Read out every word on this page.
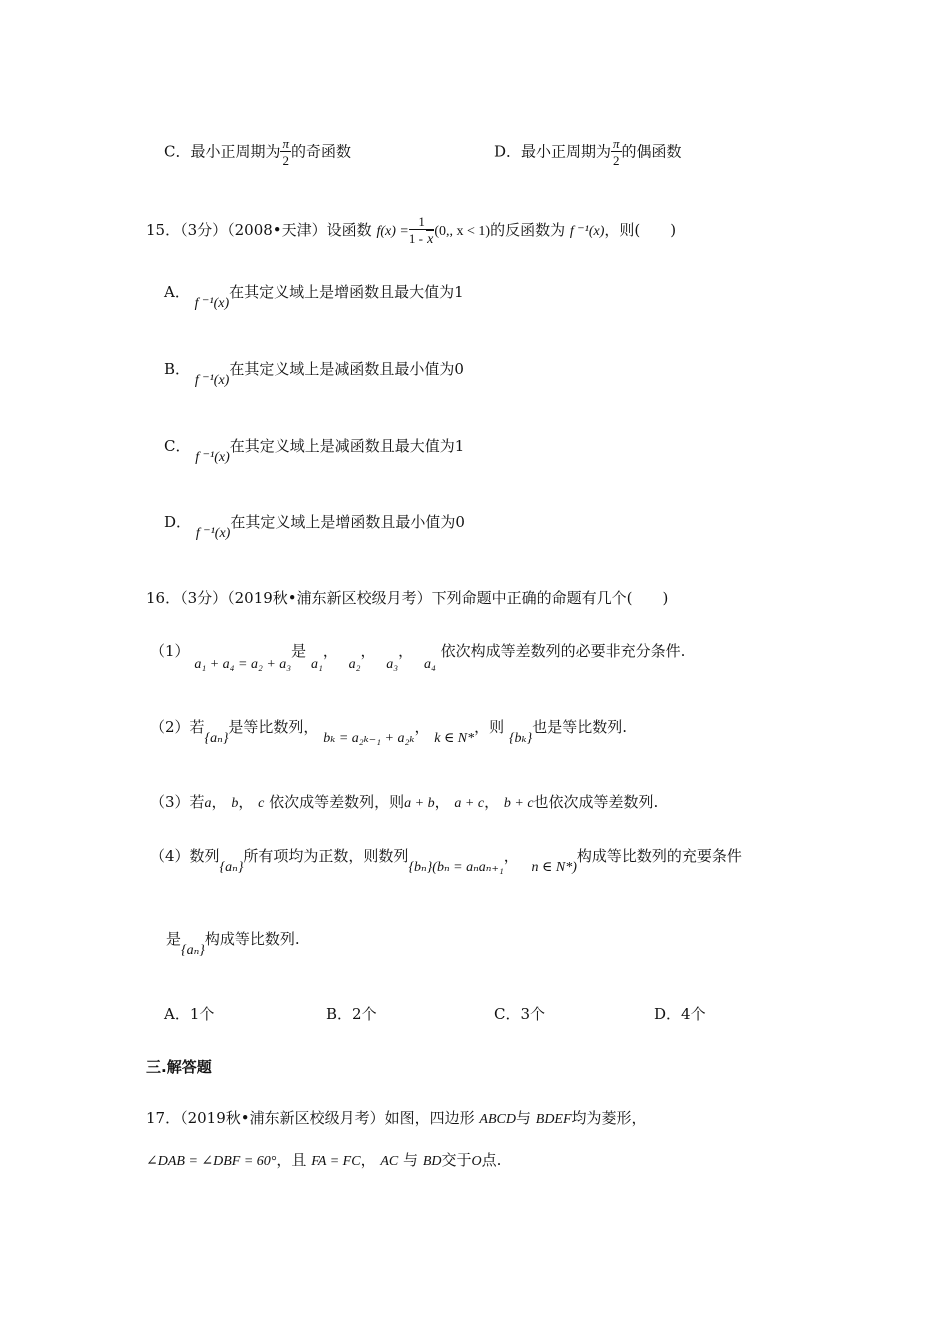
C．最小正周期为 $\frac{\pi}{2}$ 的奇函数	D．最小正周期为 $\frac{\pi}{2}$ 的偶函数
15．（3分）（2008•天津）设函数 $f(x) = \frac{1}{1 - x} (0$,, x < 1)的反函数为 f ⁻¹(x)，则(　　)
A． f ⁻¹(x)在其定义域上是增函数且最大值为1
B． f ⁻¹(x)在其定义域上是减函数且最小值为0
C． f ⁻¹(x)在其定义域上是减函数且最大值为1
D． f ⁻¹(x)在其定义域上是增函数且最小值为0
16．（3分）（2019秋•浦东新区校级月考）下列命题中正确的命题有几个(　　)
（1） a₁ + a₄ = a₂ + a₃是 a₁， a₂， a₃， a₄ 依次构成等差数列的必要非充分条件.
（2）若{aₙ}是等比数列， bₖ = a₂ₖ₋₁ + a₂ₖ， k ∈ N*，则 {bₖ}也是等比数列.
（3）若a， b， c 依次成等差数列，则a + b， a + c， b + c也依次成等差数列.
（4）数列{aₙ}所有项均为正数，则数列{bₙ}(bₙ = aₙaₙ₊₁， n ∈ N*)构成等比数列的充要条件
是{aₙ}构成等比数列.
A．1个	B．2个	C．3个	D．4个
三.解答题
17．（2019秋•浦东新区校级月考）如图，四边形 ABCD与 BDEF均为菱形，
∠DAB = ∠DBF = 60°，且 FA = FC， AC 与 BD交于O点.
